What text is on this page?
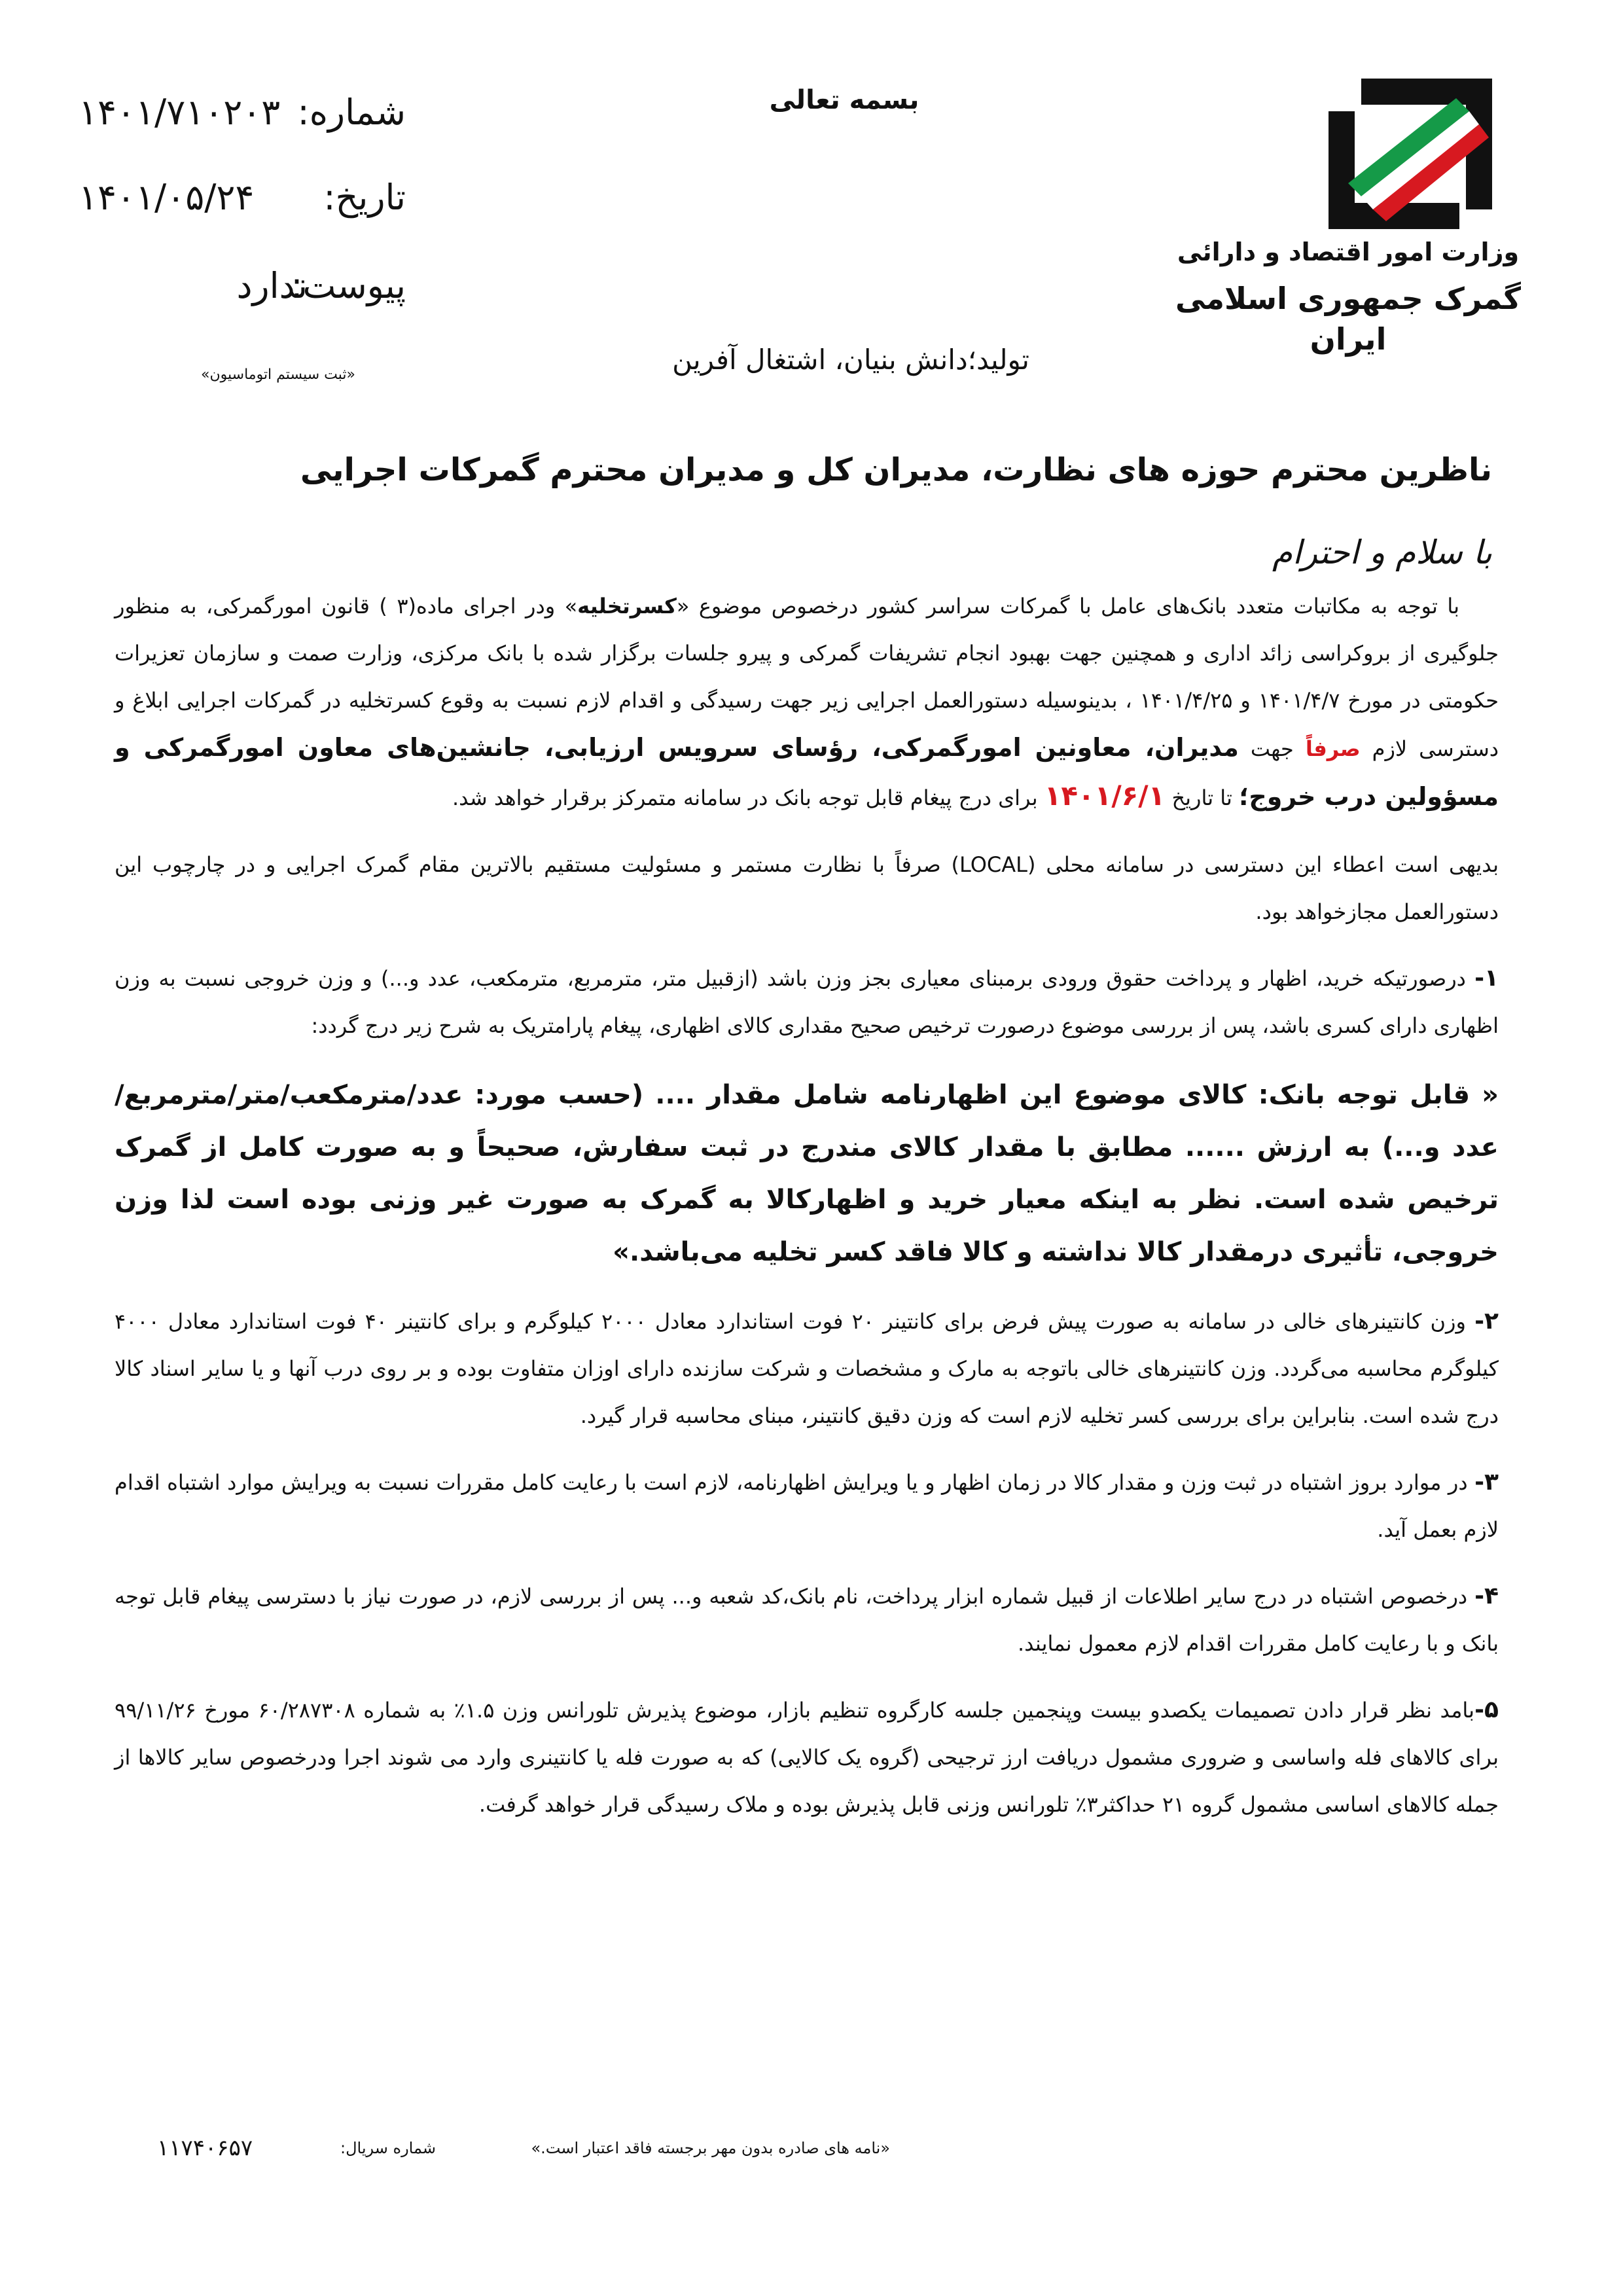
وزارت امور اقتصاد و دارائی
گمرک جمهوری اسلامی ایران
بسمه تعالی
تولید؛دانش بنیان، اشتغال آفرین
شماره:
۱۴۰۱/۷۱۰۲۰۳
تاریخ:
۱۴۰۱/۰۵/۲۴
پیوست:
ندارد
«ثبت سیستم اتوماسیون»
ناظرین محترم حوزه های نظارت، مدیران کل و مدیران محترم گمرکات اجرایی
با سلام و احترام

با توجه به مکاتبات متعدد بانک‌های عامل با گمرکات سراسر کشور درخصوص موضوع «کسرتخلیه» ودر اجرای ماده(۳ ) قانون امورگمرکی، به منظور جلوگیری از بروکراسی زائد اداری و همچنین جهت بهبود انجام تشریفات گمرکی و پیرو جلسات برگزار شده با بانک مرکزی، وزارت صمت و سازمان تعزیرات حکومتی در مورخ ۱۴۰۱/۴/۷ و ۱۴۰۱/۴/۲۵ ، بدینوسیله دستورالعمل اجرایی زیر جهت رسیدگی و اقدام لازم نسبت به وقوع کسرتخلیه در گمرکات اجرایی ابلاغ و دسترسی لازم صرفاً جهت مدیران، معاونین امورگمرکی، رؤسای سرویس ارزیابی، جانشین‌های معاون امورگمرکی و مسؤولین درب خروج؛ تا تاریخ ۱۴۰۱/۶/۱ برای درج پیغام قابل توجه بانک در سامانه متمرکز برقرار خواهد شد.

بدیهی است اعطاء این دسترسی در سامانه محلی (LOCAL) صرفاً با نظارت مستمر و مسئولیت مستقیم بالاترین مقام گمرک اجرایی و در چارچوب این دستورالعمل مجازخواهد بود.

۱- درصورتیکه خرید، اظهار و پرداخت حقوق ورودی برمبنای معیاری بجز وزن باشد (ازقبیل متر، مترمربع، مترمکعب، عدد و...) و وزن خروجی نسبت به وزن اظهاری دارای کسری باشد، پس از بررسی موضوع درصورت ترخیص صحیح مقداری کالای اظهاری، پیغام پارامتریک به شرح زیر درج گردد:

« قابل توجه بانک: کالای موضوع این اظهارنامه شامل مقدار .... (حسب مورد: عدد/مترمکعب/متر/مترمربع/عدد و...) به ارزش ...... مطابق با مقدار کالای مندرج در ثبت سفارش، صحیحاً و به صورت کامل از گمرک ترخیص شده است. نظر به اینکه معیار خرید و اظهارکالا به گمرک به صورت غیر وزنی بوده است لذا وزن خروجی، تأثیری درمقدار کالا نداشته و کالا فاقد کسر تخلیه می‌باشد.»

۲- وزن کانتینرهای خالی در سامانه به صورت پیش فرض برای کانتینر ۲۰ فوت استاندارد معادل ۲۰۰۰ کیلوگرم و برای کانتینر ۴۰ فوت استاندارد معادل ۴۰۰۰ کیلوگرم محاسبه می‌گردد. وزن کانتینرهای خالی باتوجه به مارک و مشخصات و شرکت سازنده دارای اوزان متفاوت بوده و بر روی درب آنها و یا سایر اسناد کالا درج شده است. بنابراین برای بررسی کسر تخلیه لازم است که وزن دقیق کانتینر، مبنای محاسبه قرار گیرد.

۳- در موارد بروز اشتباه در ثبت وزن و مقدار کالا در زمان اظهار و یا ویرایش اظهارنامه، لازم است با رعایت کامل مقررات نسبت به ویرایش موارد اشتباه اقدام لازم بعمل آید.

۴- درخصوص اشتباه در درج سایر اطلاعات از قبیل شماره ابزار پرداخت، نام بانک،کد شعبه و... پس از بررسی لازم، در صورت نیاز با دسترسی پیغام قابل توجه بانک و با رعایت کامل مقررات اقدام لازم معمول نمایند.

۵-بامد نظر قرار دادن تصمیمات یکصدو بیست وپنجمین جلسه کارگروه تنظیم بازار، موضوع پذیرش تلورانس وزن ۱.۵٪ به شماره ۶۰/۲۸۷۳۰۸ مورخ ۹۹/۱۱/۲۶ برای کالاهای فله واساسی و ضروری مشمول دریافت ارز ترجیحی (گروه یک کالایی) که به صورت فله یا کانتینری وارد می شوند اجرا ودرخصوص سایر کالاها از جمله کالاهای اساسی مشمول گروه ۲۱ حداکثر۳٪ تلورانس وزنی قابل پذیرش بوده و ملاک رسیدگی قرار خواهد گرفت.

«نامه های صادره بدون مهر برجسته فاقد اعتبار است.»
شماره سریال:
۱۱۷۴۰۶۵۷
